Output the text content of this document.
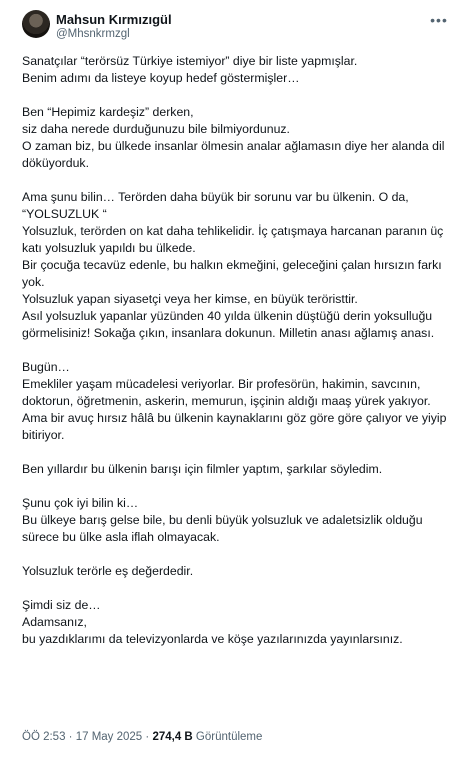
Mahsun Kırmızıgül
@Mhsnkrmzgl
•••

Sanatçılar “terörsüz Türkiye istemiyor” diye bir liste yapmışlar.
Benim adımı da listeye koyup hedef göstermişler…

Ben “Hepimiz kardeşiz” derken,
siz daha nerede durduğunuzu bile bilmiyordunuz.
O zaman biz, bu ülkede insanlar ölmesin analar ağlamasın diye her alanda dil döküyorduk.

Ama şunu bilin… Terörden daha büyük bir sorunu var bu ülkenin. O da, “YOLSUZLUK “
Yolsuzluk, terörden on kat daha tehlikelidir. İç çatışmaya harcanan paranın üç katı yolsuzluk yapıldı bu ülkede.
Bir çocuğa tecavüz edenle, bu halkın ekmeğini, geleceğini çalan hırsızın farkı yok.
Yolsuzluk yapan siyasetçi veya her kimse, en büyük teröristtir.
Asıl yolsuzluk yapanlar yüzünden 40 yılda ülkenin düştüğü derin yoksulluğu görmelisiniz! Sokağa çıkın, insanlara dokunun. Milletin anası ağlamış anası.

Bugün…
Emekliler yaşam mücadelesi veriyorlar. Bir profesörün, hakimin, savcının, doktorun, öğretmenin, askerin, memurun, işçinin aldığı maaş yürek yakıyor.
Ama bir avuç hırsız hâlâ bu ülkenin kaynaklarını göz göre göre çalıyor ve yiyip bitiriyor.

Ben yıllardır bu ülkenin barışı için filmler yaptım, şarkılar söyledim.

Şunu çok iyi bilin ki…
Bu ülkeye barış gelse bile, bu denli büyük yolsuzluk ve adaletsizlik olduğu sürece bu ülke asla iflah olmayacak.

Yolsuzluk terörle eş değerdedir.

Şimdi siz de…
Adamsanız,
bu yazdıklarımı da televizyonlarda ve köşe yazılarınızda yayınlarsınız.

ÖÖ 2:53 · 17 May 2025 · 274,4 B Görüntüleme
